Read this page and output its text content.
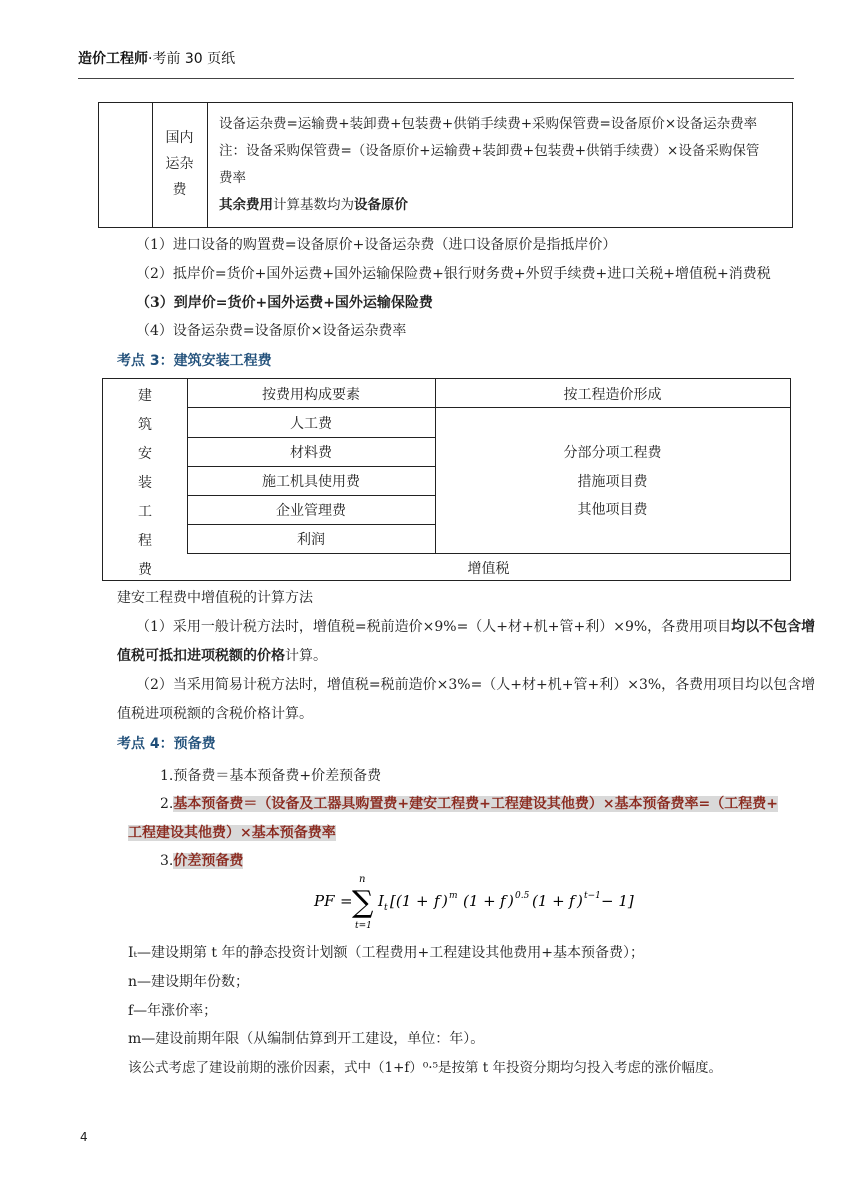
造价工程师·考前 30 页纸
国内
运杂
费
设备运杂费=运输费+装卸费+包装费+供销手续费+采购保管费=设备原价×设备运杂费率
注：设备采购保管费=（设备原价+运输费+装卸费+包装费+供销手续费）×设备采购保管
费率
其余费用计算基数均为设备原价
（1）进口设备的购置费=设备原价+设备运杂费（进口设备原价是指抵岸价）
（2）抵岸价=货价+国外运费+国外运输保险费+银行财务费+外贸手续费+进口关税+增值税+消费税
（3）到岸价=货价+国外运费+国外运输保险费
（4）设备运杂费=设备原价×设备运杂费率
考点 3：建筑安装工程费
建
筑
安
装
工
程
费
按费用构成要素	按工程造价形成
人工费
材料费
施工机具使用费
企业管理费
利润
分部分项工程费
措施项目费
其他项目费
增值税
建安工程费中增值税的计算方法
（1）采用一般计税方法时，增值税=税前造价×9%=（人+材+机+管+利）×9%，各费用项目均以不包含增
值税可抵扣进项税额的价格计算。
（2）当采用简易计税方法时，增值税=税前造价×3%=（人+材+机+管+利）×3%，各费用项目均以包含增
值税进项税额的含税价格计算。
考点 4：预备费
1.预备费＝基本预备费+价差预备费
2.基本预备费＝（设备及工器具购置费+建安工程费+工程建设其他费）×基本预备费率=（工程费+
工程建设其他费）×基本预备费率
3.价差预备费
PF =
n
∑
t=1
I t [(1 + f ) m (1 + f ) 0.5 (1 + f ) t−1 − 1]
Iₜ—建设期第 t 年的静态投资计划额（工程费用+工程建设其他费用+基本预备费）；
n—建设期年份数；
f—年涨价率；
m—建设前期年限（从编制估算到开工建设，单位：年）。
该公式考虑了建设前期的涨价因素，式中（1+f）⁰·⁵是按第 t 年投资分期均匀投入考虑的涨价幅度。
4
